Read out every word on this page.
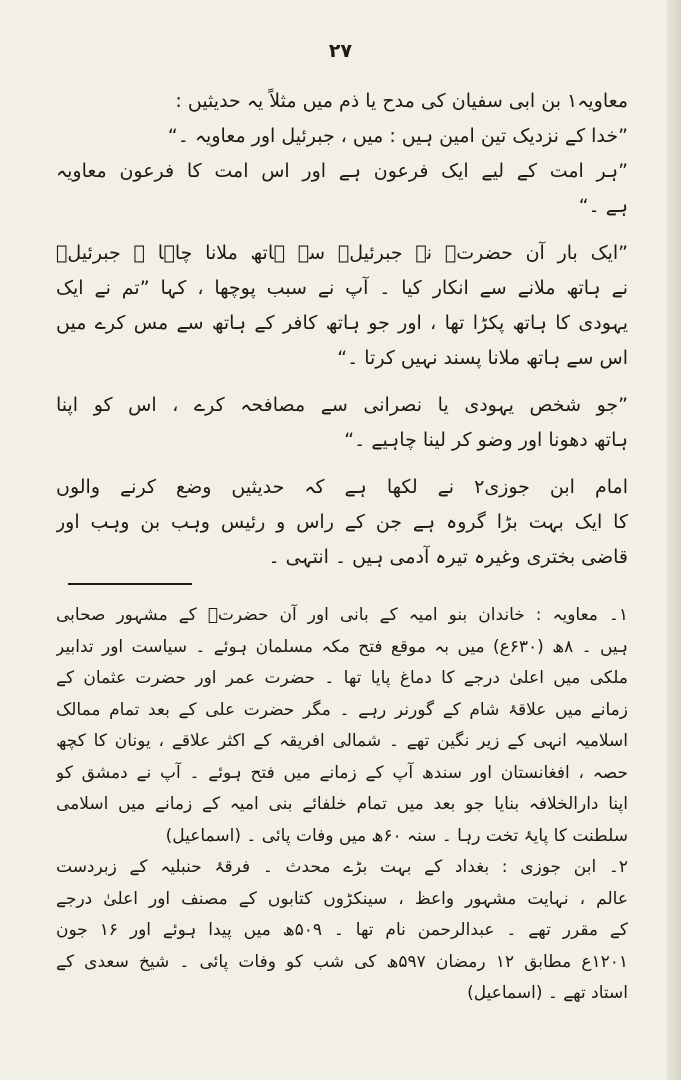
۲۷
معاویہ۱ بن ابی سفیان کی مدح یا ذم میں مثلاً یہ حدیثیں :
”خدا کے نزدیک تین امین ہیں : میں ، جبرئیل اور معاویہ ۔“
”ہر امت کے لیے ایک فرعون ہے اور اس امت کا فرعون معاویہ
ہے ۔“
”ایک بار آن حضرتؐ نے جبرئیلؑ سے ہاتھ ملانا چاہا ۔ جبرئیلؑ
نے ہاتھ ملانے سے انکار کیا ۔ آپ نے سبب پوچھا ، کہا ”تم نے ایک
یہودی کا ہاتھ پکڑا تھا ، اور جو ہاتھ کافر کے ہاتھ سے مس کرے میں
اس سے ہاتھ ملانا پسند نہیں کرتا ۔“
”جو شخص یہودی یا نصرانی سے مصافحہ کرے ، اس کو اپنا
ہاتھ دھونا اور وضو کر لینا چاہیے ۔“
امام ابن جوزی۲ نے لکھا ہے کہ حدیثیں وضع کرنے والوں
کا ایک بہت بڑا گروہ ہے جن کے راس و رئیس وہب بن وہب اور
قاضی بختری وغیرہ تیرہ آدمی ہیں ۔ انتہی ۔
۱۔ معاویہ : خاندان بنو امیہ کے بانی اور آن حضرتؐ کے مشہور صحابی
ہیں ۔ ۸ھ (۶۳۰ع) میں بہ موقع فتح مکہ مسلمان ہوئے ۔ سیاست اور تدابیر
ملکی میں اعلیٰ درجے کا دماغ پایا تھا ۔ حضرت عمر اور حضرت عثمان کے
زمانے میں علاقۂ شام کے گورنر رہے ۔ مگر حضرت علی کے بعد تمام ممالک
اسلامیہ انہی کے زیر نگین تھے ۔ شمالی افریقہ کے اکثر علاقے ، یونان کا کچھ
حصہ ، افغانستان اور سندھ آپ کے زمانے میں فتح ہوئے ۔ آپ نے دمشق کو
اپنا دارالخلافہ بنایا جو بعد میں تمام خلفائے بنی امیہ کے زمانے میں اسلامی
سلطنت کا پایۂ تخت رہا ۔ سنہ ۶۰ھ میں وفات پائی ۔ (اسماعیل)
۲۔ ابن جوزی : بغداد کے بہت بڑے محدث ۔ فرقۂ حنبلیہ کے زبردست
عالم ، نہایت مشہور واعظ ، سینکڑوں کتابوں کے مصنف اور اعلیٰ درجے
کے مقرر تھے ۔ عبدالرحمن نام تھا ۔ ۵۰۹ھ میں پیدا ہوئے اور ۱۶ جون
۱۲۰۱ع مطابق ۱۲ رمضان ۵۹۷ھ کی شب کو وفات پائی ۔ شیخ سعدی کے
استاد تھے ۔ (اسماعیل)
